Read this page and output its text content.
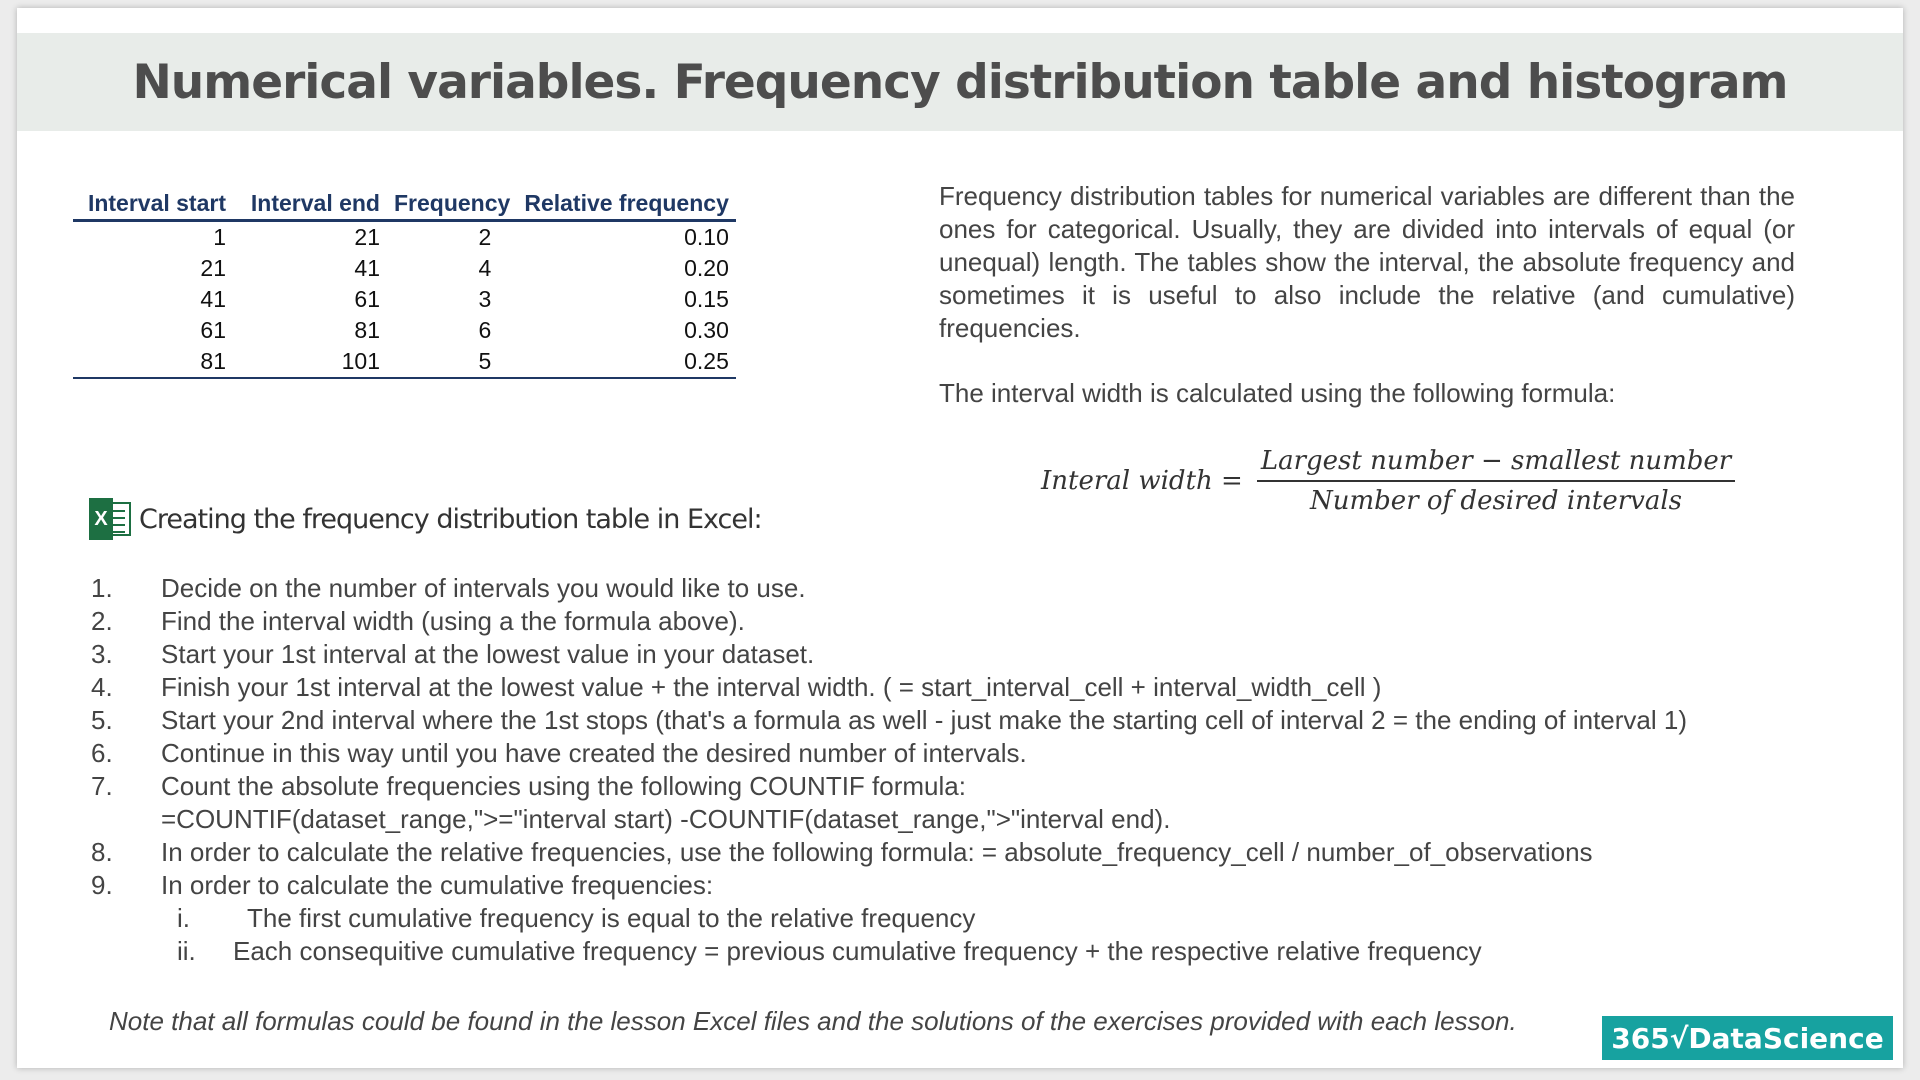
Numerical variables. Frequency distribution table and histogram
Interval start	Interval end	Frequency	Relative frequency
1	21	2	0.10
21	41	4	0.20
41	61	3	0.15
61	81	6	0.30
81	101	5	0.25
Frequency distribution tables for numerical variables are different than the ones for categorical. Usually, they are divided into intervals of equal (or unequal) length. The tables show the interval, the absolute frequency and sometimes it is useful to also include the relative (and cumulative) frequencies.
The interval width is calculated using the following formula:
Interal width = $\frac{\text{Largest number − smallest number}}{\text{Number of desired intervals}}$
X Creating the frequency distribution table in Excel:
1.	Decide on the number of intervals you would like to use.
2.	Find the interval width (using a the formula above).
3.	Start your 1st interval at the lowest value in your dataset.
4.	Finish your 1st interval at the lowest value + the interval width. ( = start_interval_cell + interval_width_cell )
5.	Start your 2nd interval where the 1st stops (that's a formula as well - just make the starting cell of interval 2 = the ending of interval 1)
6.	Continue in this way until you have created the desired number of intervals.
7.	Count the absolute frequencies using the following COUNTIF formula:
=COUNTIF(dataset_range,">="interval start) -COUNTIF(dataset_range,">"interval end).
8.	In order to calculate the relative frequencies, use the following formula: = absolute_frequency_cell / number_of_observations
9.	In order to calculate the cumulative frequencies:
i.	The first cumulative frequency is equal to the relative frequency
ii.	Each consequitive cumulative frequency = previous cumulative frequency + the respective relative frequency
Note that all formulas could be found in the lesson Excel files and the solutions of the exercises provided with each lesson.
365√DataScience
